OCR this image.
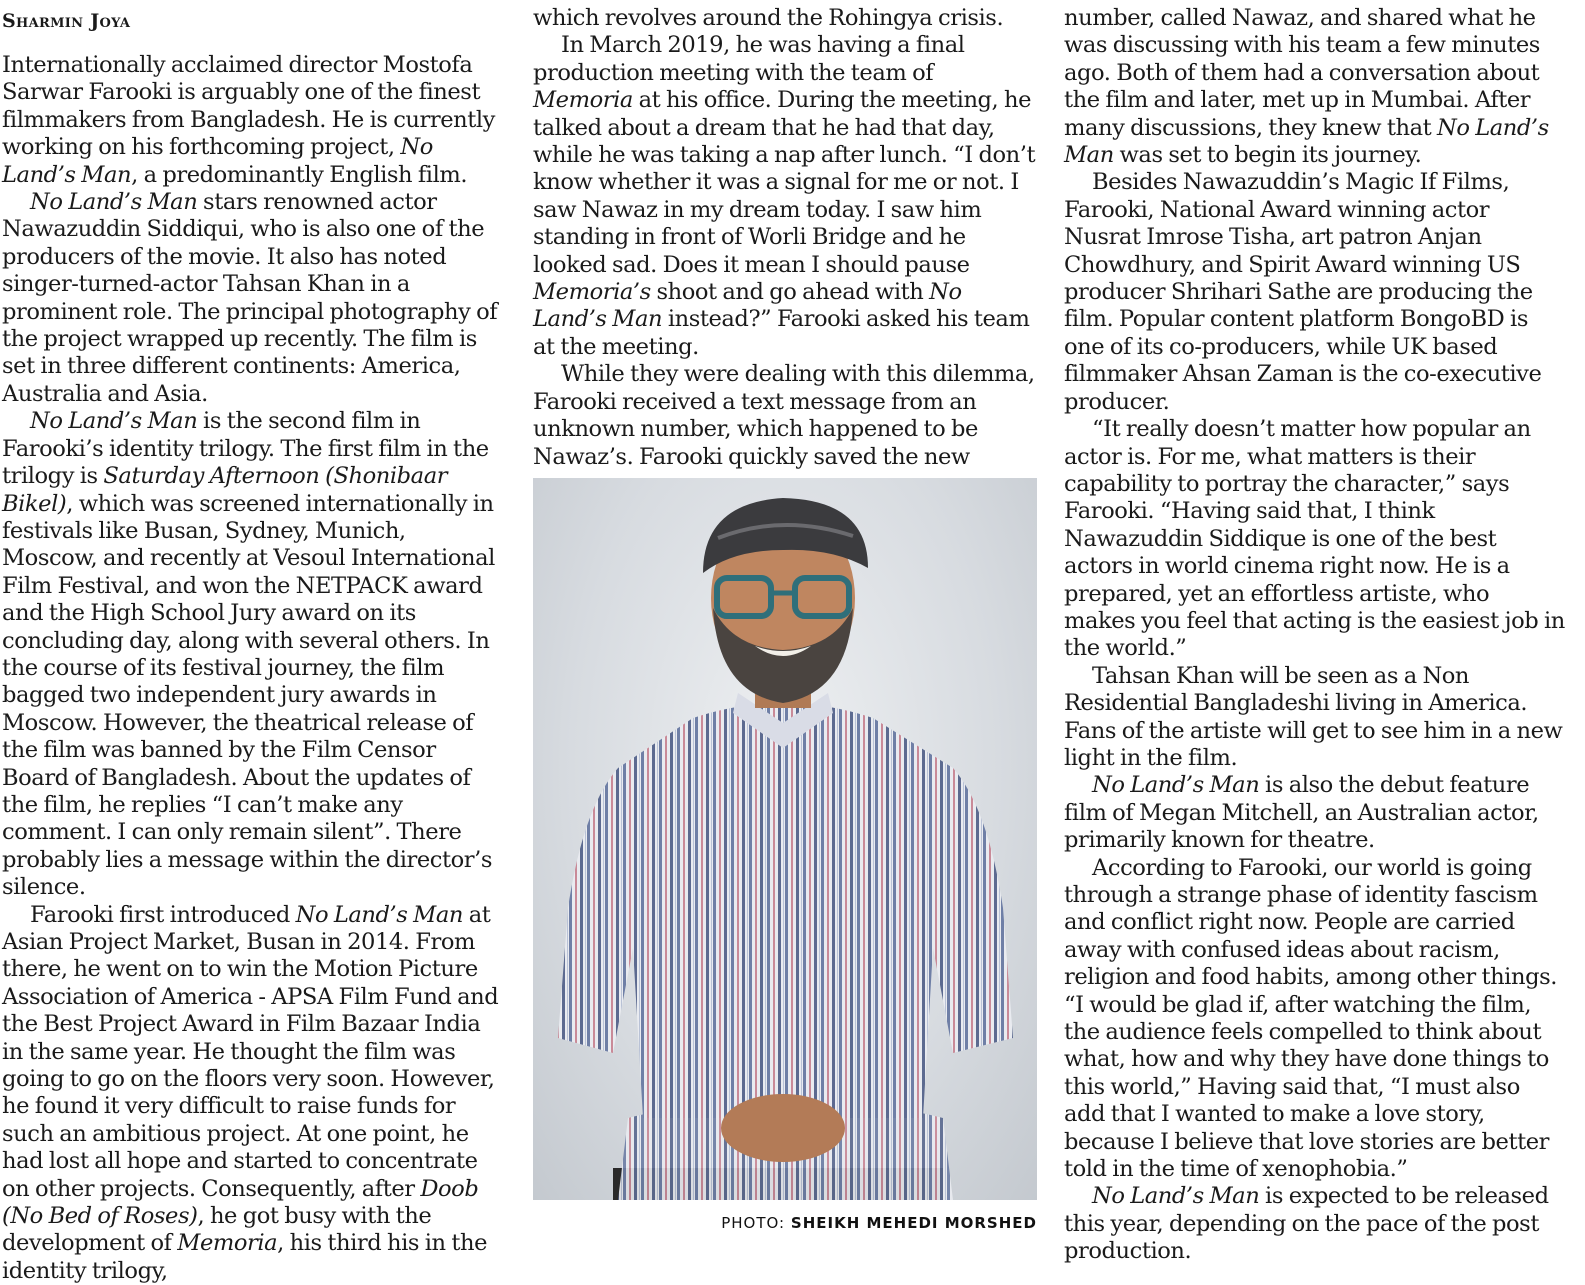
Sharmin Joya

Internationally acclaimed director Mostofa Sarwar Farooki is arguably one of the finest filmmakers from Bangladesh. He is currently working on his forthcoming project, No Land’s Man, a predominantly English film.

No Land’s Man stars renowned actor Nawazuddin Siddiqui, who is also one of the producers of the movie. It also has noted singer-turned-actor Tahsan Khan in a prominent role. The principal photography of the project wrapped up recently. The film is set in three different continents: America, Australia and Asia.

No Land’s Man is the second film in Farooki’s identity trilogy. The first film in the trilogy is Saturday Afternoon (Shonibaar Bikel), which was screened internationally in festivals like Busan, Sydney, Munich, Moscow, and recently at Vesoul International Film Festival, and won the NETPACK award and the High School Jury award on its concluding day, along with several others. In the course of its festival journey, the film bagged two independent jury awards in Moscow. However, the theatrical release of the film was banned by the Film Censor Board of Bangladesh. About the updates of the film, he replies “I can’t make any comment. I can only remain silent”. There probably lies a message within the director’s silence.

Farooki first introduced No Land’s Man at Asian Project Market, Busan in 2014. From there, he went on to win the Motion Picture Association of America - APSA Film Fund and the Best Project Award in Film Bazaar India in the same year. He thought the film was going to go on the floors very soon. However, he found it very difficult to raise funds for such an ambitious project. At one point, he had lost all hope and started to concentrate on other projects. Consequently, after Doob (No Bed of Roses), he got busy with the development of Memoria, his third his in the identity trilogy,

which revolves around the Rohingya crisis.

In March 2019, he was having a final production meeting with the team of Memoria at his office. During the meeting, he talked about a dream that he had that day, while he was taking a nap after lunch. “I don’t know whether it was a signal for me or not. I saw Nawaz in my dream today. I saw him standing in front of Worli Bridge and he looked sad. Does it mean I should pause Memoria’s shoot and go ahead with No Land’s Man instead?” Farooki asked his team at the meeting.

While they were dealing with this dilemma, Farooki received a text message from an unknown number, which happened to be Nawaz’s. Farooki quickly saved the new

PHOTO: SHEIKH MEHEDI MORSHED

number, called Nawaz, and shared what he was discussing with his team a few minutes ago. Both of them had a conversation about the film and later, met up in Mumbai. After many discussions, they knew that No Land’s Man was set to begin its journey.

Besides Nawazuddin’s Magic If Films, Farooki, National Award winning actor Nusrat Imrose Tisha, art patron Anjan Chowdhury, and Spirit Award winning US producer Shrihari Sathe are producing the film. Popular content platform BongoBD is one of its co-producers, while UK based filmmaker Ahsan Zaman is the co-executive producer.

“It really doesn’t matter how popular an actor is. For me, what matters is their capability to portray the character,” says Farooki. “Having said that, I think Nawazuddin Siddique is one of the best actors in world cinema right now. He is a prepared, yet an effortless artiste, who makes you feel that acting is the easiest job in the world.”

Tahsan Khan will be seen as a Non Residential Bangladeshi living in America. Fans of the artiste will get to see him in a new light in the film.

No Land’s Man is also the debut feature film of Megan Mitchell, an Australian actor, primarily known for theatre.

According to Farooki, our world is going through a strange phase of identity fascism and conflict right now. People are carried away with confused ideas about racism, religion and food habits, among other things. “I would be glad if, after watching the film, the audience feels compelled to think about what, how and why they have done things to this world,” Having said that, “I must also add that I wanted to make a love story, because I believe that love stories are better told in the time of xenophobia.”

No Land’s Man is expected to be released this year, depending on the pace of the post production.
